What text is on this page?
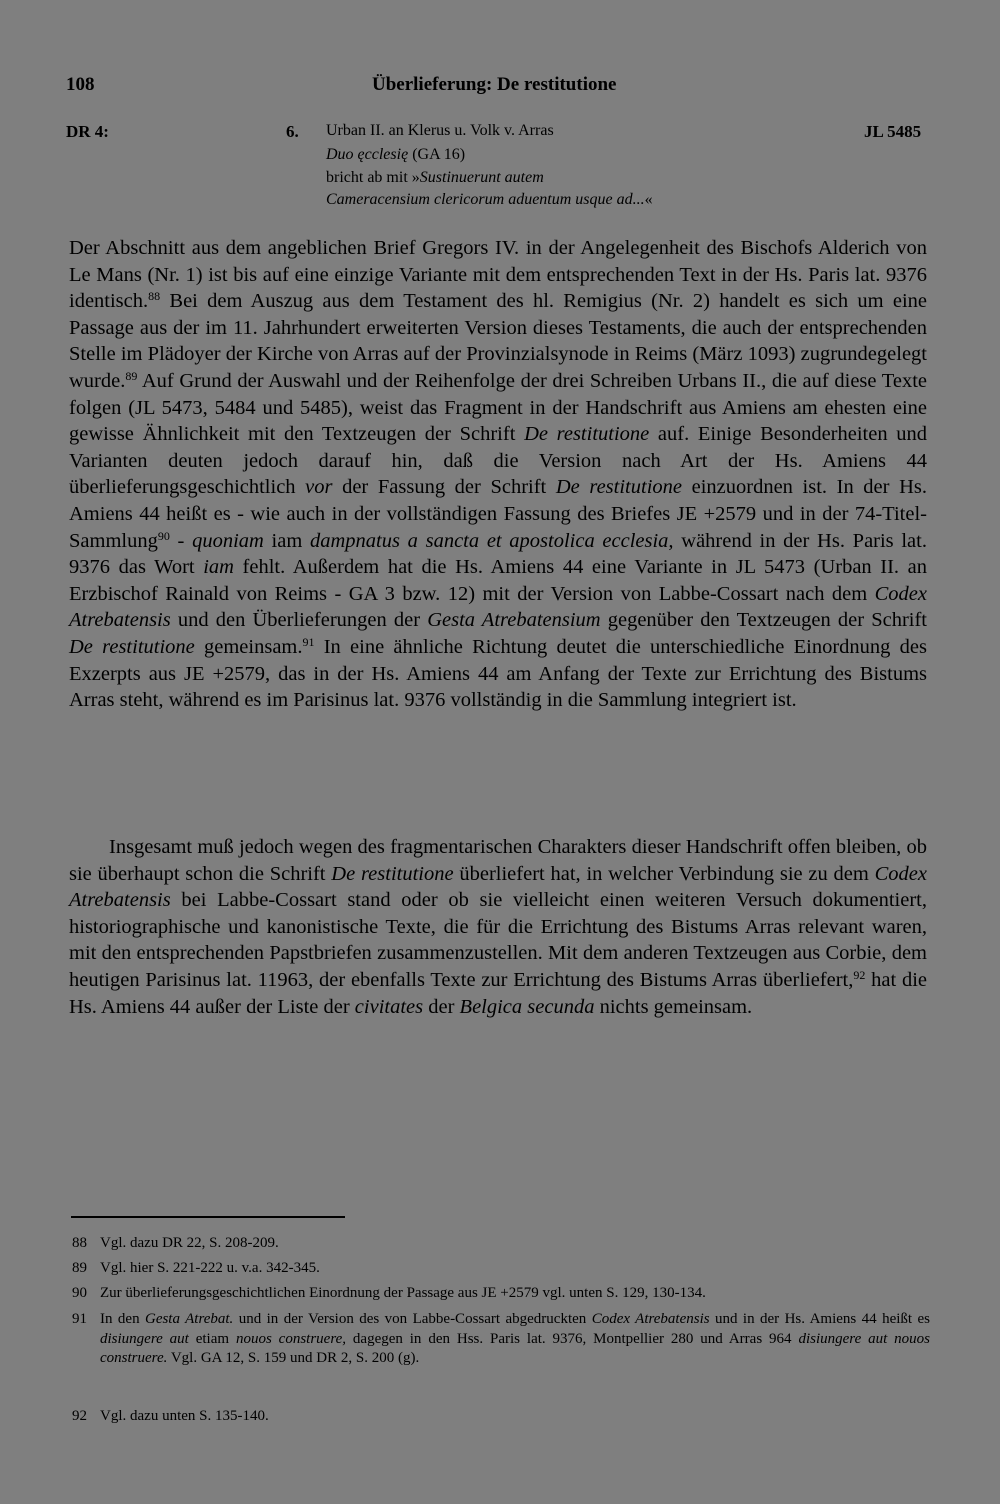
108	Überlieferung: De restitutione
DR 4:	6. Urban II. an Klerus u. Volk v. Arras	JL 5485
Duo ęcclesię (GA 16)
bricht ab mit »Sustinuerunt autem
Cameracensium clericorum aduentum usque ad...«

Der Abschnitt aus dem angeblichen Brief Gregors IV. in der Angelegenheit des Bischofs Alderich von Le Mans (Nr. 1) ist bis auf eine einzige Variante mit dem entsprechenden Text in der Hs. Paris lat. 9376 identisch.$^{88}$ Bei dem Auszug aus dem Testament des hl. Remigius (Nr. 2) handelt es sich um eine Passage aus der im 11. Jahrhundert erweiterten Version dieses Testaments, die auch der entsprechenden Stelle im Plädoyer der Kirche von Arras auf der Provinzialsynode in Reims (März 1093) zugrundegelegt wurde.$^{89}$ Auf Grund der Auswahl und der Reihenfolge der drei Schreiben Urbans II., die auf diese Texte folgen (JL 5473, 5484 und 5485), weist das Fragment in der Handschrift aus Amiens am ehesten eine gewisse Ähnlichkeit mit den Textzeugen der Schrift De restitutione auf. Einige Besonderheiten und Varianten deuten jedoch darauf hin, daß die Version nach Art der Hs. Amiens 44 überlieferungsgeschichtlich vor der Fassung der Schrift De restitutione einzuordnen ist. In der Hs. Amiens 44 heißt es - wie auch in der vollständigen Fassung des Briefes JE +2579 und in der 74-Titel-Sammlung$^{90}$ - quoniam iam dampnatus a sancta et apostolica ecclesia, während in der Hs. Paris lat. 9376 das Wort iam fehlt. Außerdem hat die Hs. Amiens 44 eine Variante in JL 5473 (Urban II. an Erzbischof Rainald von Reims - GA 3 bzw. 12) mit der Version von Labbe-Cossart nach dem Codex Atrebatensis und den Überlieferungen der Gesta Atrebatensium gegenüber den Textzeugen der Schrift De restitutione gemeinsam.$^{91}$ In eine ähnliche Richtung deutet die unterschiedliche Einordnung des Exzerpts aus JE +2579, das in der Hs. Amiens 44 am Anfang der Texte zur Errichtung des Bistums Arras steht, während es im Parisinus lat. 9376 vollständig in die Sammlung integriert ist.

Insgesamt muß jedoch wegen des fragmentarischen Charakters dieser Handschrift offen bleiben, ob sie überhaupt schon die Schrift De restitutione überliefert hat, in welcher Verbindung sie zu dem Codex Atrebatensis bei Labbe-Cossart stand oder ob sie vielleicht einen weiteren Versuch dokumentiert, historiographische und kanonistische Texte, die für die Errichtung des Bistums Arras relevant waren, mit den entsprechenden Papstbriefen zusammenzustellen. Mit dem anderen Textzeugen aus Corbie, dem heutigen Parisinus lat. 11963, der ebenfalls Texte zur Errichtung des Bistums Arras überliefert,$^{92}$ hat die Hs. Amiens 44 außer der Liste der civitates der Belgica secunda nichts gemeinsam.

88 Vgl. dazu DR 22, S. 208-209.
89 Vgl. hier S. 221-222 u. v.a. 342-345.
90 Zur überlieferungsgeschichtlichen Einordnung der Passage aus JE +2579 vgl. unten S. 129, 130-134.
91 In den Gesta Atrebat. und in der Version des von Labbe-Cossart abgedruckten Codex Atrebatensis und in der Hs. Amiens 44 heißt es disiungere aut etiam nouos construere, dagegen in den Hss. Paris lat. 9376, Montpellier 280 und Arras 964 disiungere aut nouos construere. Vgl. GA 12, S. 159 und DR 2, S. 200 (g).
92 Vgl. dazu unten S. 135-140.
